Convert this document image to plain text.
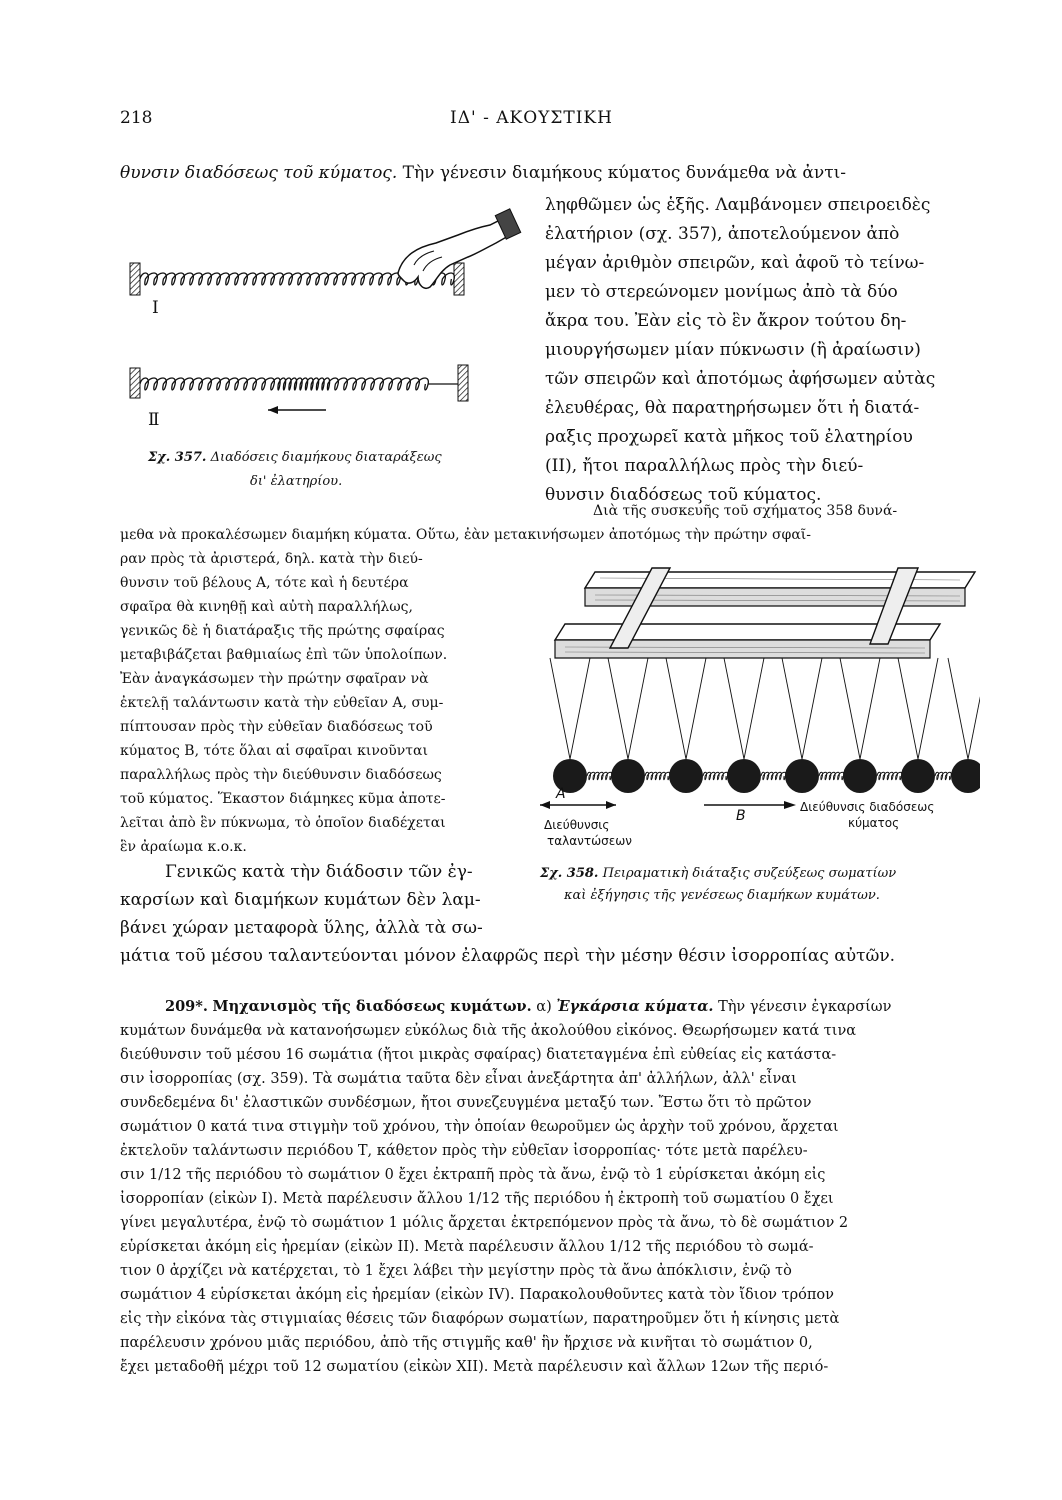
218	ΙΔ' - ΑΚΟΥΣΤΙΚΗ
θυνσιν διαδόσεως τοῦ κύματος. Τὴν γένεσιν διαμήκους κύματος δυνάμεθα νὰ ἀντι-
ληφθῶμεν ὡς ἑξῆς. Λαμβάνομεν σπειροειδὲς
ἐλατήριον (σχ. 357), ἀποτελούμενον ἀπὸ
μέγαν ἀριθμὸν σπειρῶν, καὶ ἀφοῦ τὸ τείνω-
μεν τὸ στερεώνομεν μονίμως ἀπὸ τὰ δύο
ἄκρα του. Ἐὰν εἰς τὸ ἓν ἄκρον τούτου δη-
μιουργήσωμεν μίαν πύκνωσιν (ἢ ἀραίωσιν)
τῶν σπειρῶν καὶ ἀποτόμως ἀφήσωμεν αὐτὰς
ἐλευθέρας, θὰ παρατηρήσωμεν ὅτι ἡ διατά-
ραξις προχωρεῖ κατὰ μῆκος τοῦ ἐλατηρίου
(ΙΙ), ἤτοι παραλλήλως πρὸς τὴν διεύ-
θυνσιν διαδόσεως τοῦ κύματος.
I
II
Σχ. 357. Διαδόσεις διαμήκους διαταράξεως
δι' ἐλατηρίου.
Διὰ τῆς συσκευῆς τοῦ σχήματος 358 δυνά-
μεθα νὰ προκαλέσωμεν διαμήκη κύματα. Οὕτω, ἐὰν μετακινήσωμεν ἀποτόμως τὴν πρώτην σφαῖ-
ραν πρὸς τὰ ἀριστερά, δηλ. κατὰ τὴν διεύ-
θυνσιν τοῦ βέλους Α, τότε καὶ ἡ δευτέρα
σφαῖρα θὰ κινηθῇ καὶ αὐτὴ παραλλήλως,
γενικῶς δὲ ἡ διατάραξις τῆς πρώτης σφαίρας
μεταβιβάζεται βαθμιαίως ἐπὶ τῶν ὑπολοίπων.
Ἐὰν ἀναγκάσωμεν τὴν πρώτην σφαῖραν νὰ
ἐκτελῇ ταλάντωσιν κατὰ τὴν εὐθεῖαν Α, συμ-
πίπτουσαν πρὸς τὴν εὐθεῖαν διαδόσεως τοῦ
κύματος Β, τότε ὅλαι αἱ σφαῖραι κινοῦνται
παραλλήλως πρὸς τὴν διεύθυνσιν διαδόσεως
τοῦ κύματος. Ἕκαστον διάμηκες κῦμα ἀποτε-
λεῖται ἀπὸ ἓν πύκνωμα, τὸ ὁποῖον διαδέχεται
ἓν ἀραίωμα κ.ο.κ.
A
B
Διεύθυνσις
ταλαντώσεων
Διεύθυνσις διαδόσεως
κύματος
Σχ. 358. Πειραματικὴ διάταξις συζεύξεως σωματίων
καὶ ἐξήγησις τῆς γενέσεως διαμήκων κυμάτων.
Γενικῶς κατὰ τὴν διάδοσιν τῶν ἐγ-
καρσίων καὶ διαμήκων κυμάτων δὲν λαμ-
βάνει χώραν μεταφορὰ ὕλης, ἀλλὰ τὰ σω-
μάτια τοῦ μέσου ταλαντεύονται μόνον ἐλαφρῶς περὶ τὴν μέσην θέσιν ἰσορροπίας αὐτῶν.
209*. Μηχανισμὸς τῆς διαδόσεως κυμάτων. α) Ἐγκάρσια κύματα. Τὴν γένεσιν ἐγκαρσίων
κυμάτων δυνάμεθα νὰ κατανοήσωμεν εὐκόλως διὰ τῆς ἀκολούθου εἰκόνος. Θεωρήσωμεν κατά τινα
διεύθυνσιν τοῦ μέσου 16 σωμάτια (ἤτοι μικρὰς σφαίρας) διατεταγμένα ἐπὶ εὐθείας εἰς κατάστα-
σιν ἰσορροπίας (σχ. 359). Τὰ σωμάτια ταῦτα δὲν εἶναι ἀνεξάρτητα ἀπ' ἀλλήλων, ἀλλ' εἶναι
συνδεδεμένα δι' ἐλαστικῶν συνδέσμων, ἤτοι συνεζευγμένα μεταξύ των. Ἔστω ὅτι τὸ πρῶτον
σωμάτιον 0 κατά τινα στιγμὴν τοῦ χρόνου, τὴν ὁποίαν θεωροῦμεν ὡς ἀρχὴν τοῦ χρόνου, ἄρχεται
ἐκτελοῦν ταλάντωσιν περιόδου Τ, κάθετον πρὸς τὴν εὐθεῖαν ἰσορροπίας· τότε μετὰ παρέλευ-
σιν 1/12 τῆς περιόδου τὸ σωμάτιον 0 ἔχει ἐκτραπῆ πρὸς τὰ ἄνω, ἐνῷ τὸ 1 εὑρίσκεται ἀκόμη εἰς
ἰσορροπίαν (εἰκὼν Ι). Μετὰ παρέλευσιν ἄλλου 1/12 τῆς περιόδου ἡ ἐκτροπὴ τοῦ σωματίου 0 ἔχει
γίνει μεγαλυτέρα, ἐνῷ τὸ σωμάτιον 1 μόλις ἄρχεται ἐκτρεπόμενον πρὸς τὰ ἄνω, τὸ δὲ σωμάτιον 2
εὑρίσκεται ἀκόμη εἰς ἠρεμίαν (εἰκὼν ΙΙ). Μετὰ παρέλευσιν ἄλλου 1/12 τῆς περιόδου τὸ σωμά-
τιον 0 ἀρχίζει νὰ κατέρχεται, τὸ 1 ἔχει λάβει τὴν μεγίστην πρὸς τὰ ἄνω ἀπόκλισιν, ἐνῷ τὸ
σωμάτιον 4 εὑρίσκεται ἀκόμη εἰς ἠρεμίαν (εἰκὼν IV). Παρακολουθοῦντες κατὰ τὸν ἴδιον τρόπον
εἰς τὴν εἰκόνα τὰς στιγμιαίας θέσεις τῶν διαφόρων σωματίων, παρατηροῦμεν ὅτι ἡ κίνησις μετὰ
παρέλευσιν χρόνου μιᾶς περιόδου, ἀπὸ τῆς στιγμῆς καθ' ἣν ἤρχισε νὰ κινῆται τὸ σωμάτιον 0,
ἔχει μεταδοθῆ μέχρι τοῦ 12 σωματίου (εἰκὼν XII). Μετὰ παρέλευσιν καὶ ἄλλων 12ων τῆς περιό-
